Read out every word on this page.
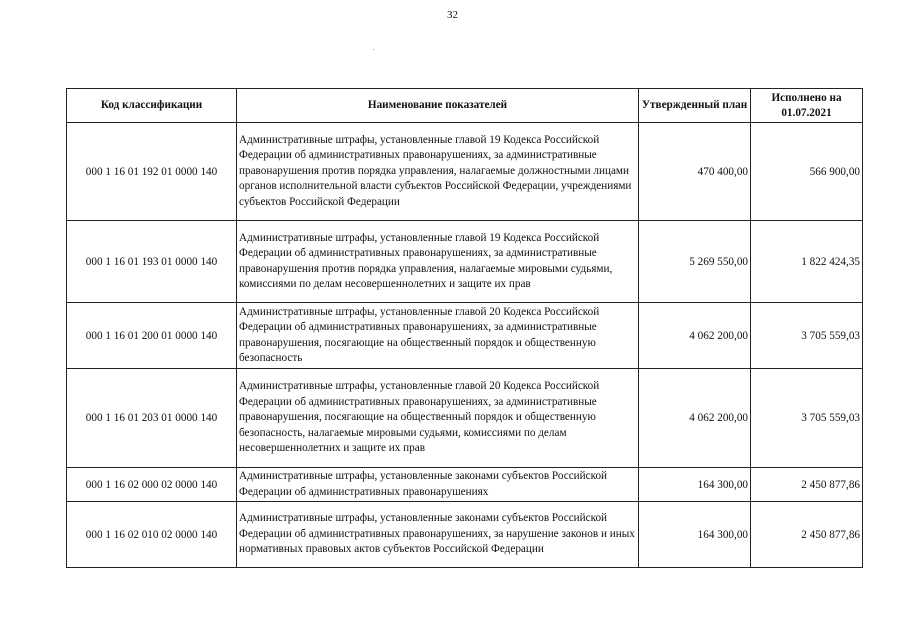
32
Код классификации	Наименование показателей	Утвержденный план	Исполнено на 01.07.2021
000 1 16 01 192 01 0000 140	Административные штрафы, установленные главой 19 Кодекса Российской Федерации об административных правонарушениях, за административные правонарушения против порядка управления, налагаемые должностными лицами органов исполнительной власти субъектов Российской Федерации, учреждениями субъектов Российской Федерации	470 400,00	566 900,00
000 1 16 01 193 01 0000 140	Административные штрафы, установленные главой 19 Кодекса Российской Федерации об административных правонарушениях, за административные правонарушения против порядка управления, налагаемые мировыми судьями, комиссиями по делам несовершеннолетних и защите их прав	5 269 550,00	1 822 424,35
000 1 16 01 200 01 0000 140	Административные штрафы, установленные главой 20 Кодекса Российской Федерации об административных правонарушениях, за административные правонарушения, посягающие на общественный порядок и общественную безопасность	4 062 200,00	3 705 559,03
000 1 16 01 203 01 0000 140	Административные штрафы, установленные главой 20 Кодекса Российской Федерации об административных правонарушениях, за административные правонарушения, посягающие на общественный порядок и общественную безопасность, налагаемые мировыми судьями, комиссиями по делам несовершеннолетних и защите их прав	4 062 200,00	3 705 559,03
000 1 16 02 000 02 0000 140	Административные штрафы, установленные законами субъектов Российской Федерации об административных правонарушениях	164 300,00	2 450 877,86
000 1 16 02 010 02 0000 140	Административные штрафы, установленные законами субъектов Российской Федерации об административных правонарушениях, за нарушение законов и иных нормативных правовых актов субъектов Российской Федерации	164 300,00	2 450 877,86
